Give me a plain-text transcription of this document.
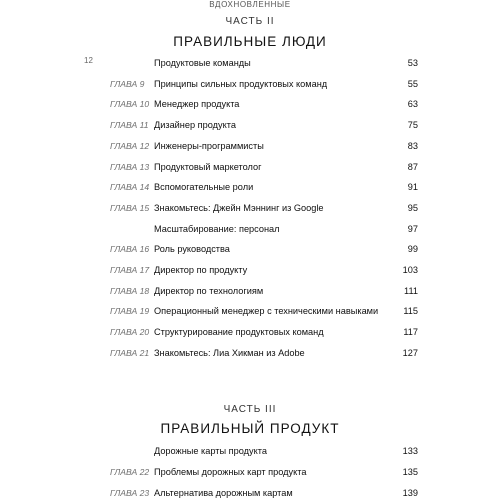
ВДОХНОВЛЕННЫЕ
12
ЧАСТЬ II
ПРАВИЛЬНЫЕ ЛЮДИ
Продуктовые команды	53
ГЛАВА 9 Принципы сильных продуктовых команд	55
ГЛАВА 10 Менеджер продукта	63
ГЛАВА 11 Дизайнер продукта	75
ГЛАВА 12 Инженеры-программисты	83
ГЛАВА 13 Продуктовый маркетолог	87
ГЛАВА 14 Вспомогательные роли	91
ГЛАВА 15 Знакомьтесь: Джейн Мэннинг из Google	95
Масштабирование: персонал	97
ГЛАВА 16 Роль руководства	99
ГЛАВА 17 Директор по продукту	103
ГЛАВА 18 Директор по технологиям	111
ГЛАВА 19 Операционный менеджер с техническими навыками	115
ГЛАВА 20 Структурирование продуктовых команд	117
ГЛАВА 21 Знакомьтесь: Лиа Хикман из Adobe	127
ЧАСТЬ III
ПРАВИЛЬНЫЙ ПРОДУКТ
Дорожные карты продукта	133
ГЛАВА 22 Проблемы дорожных карт продукта	135
ГЛАВА 23 Альтернатива дорожным картам	139
